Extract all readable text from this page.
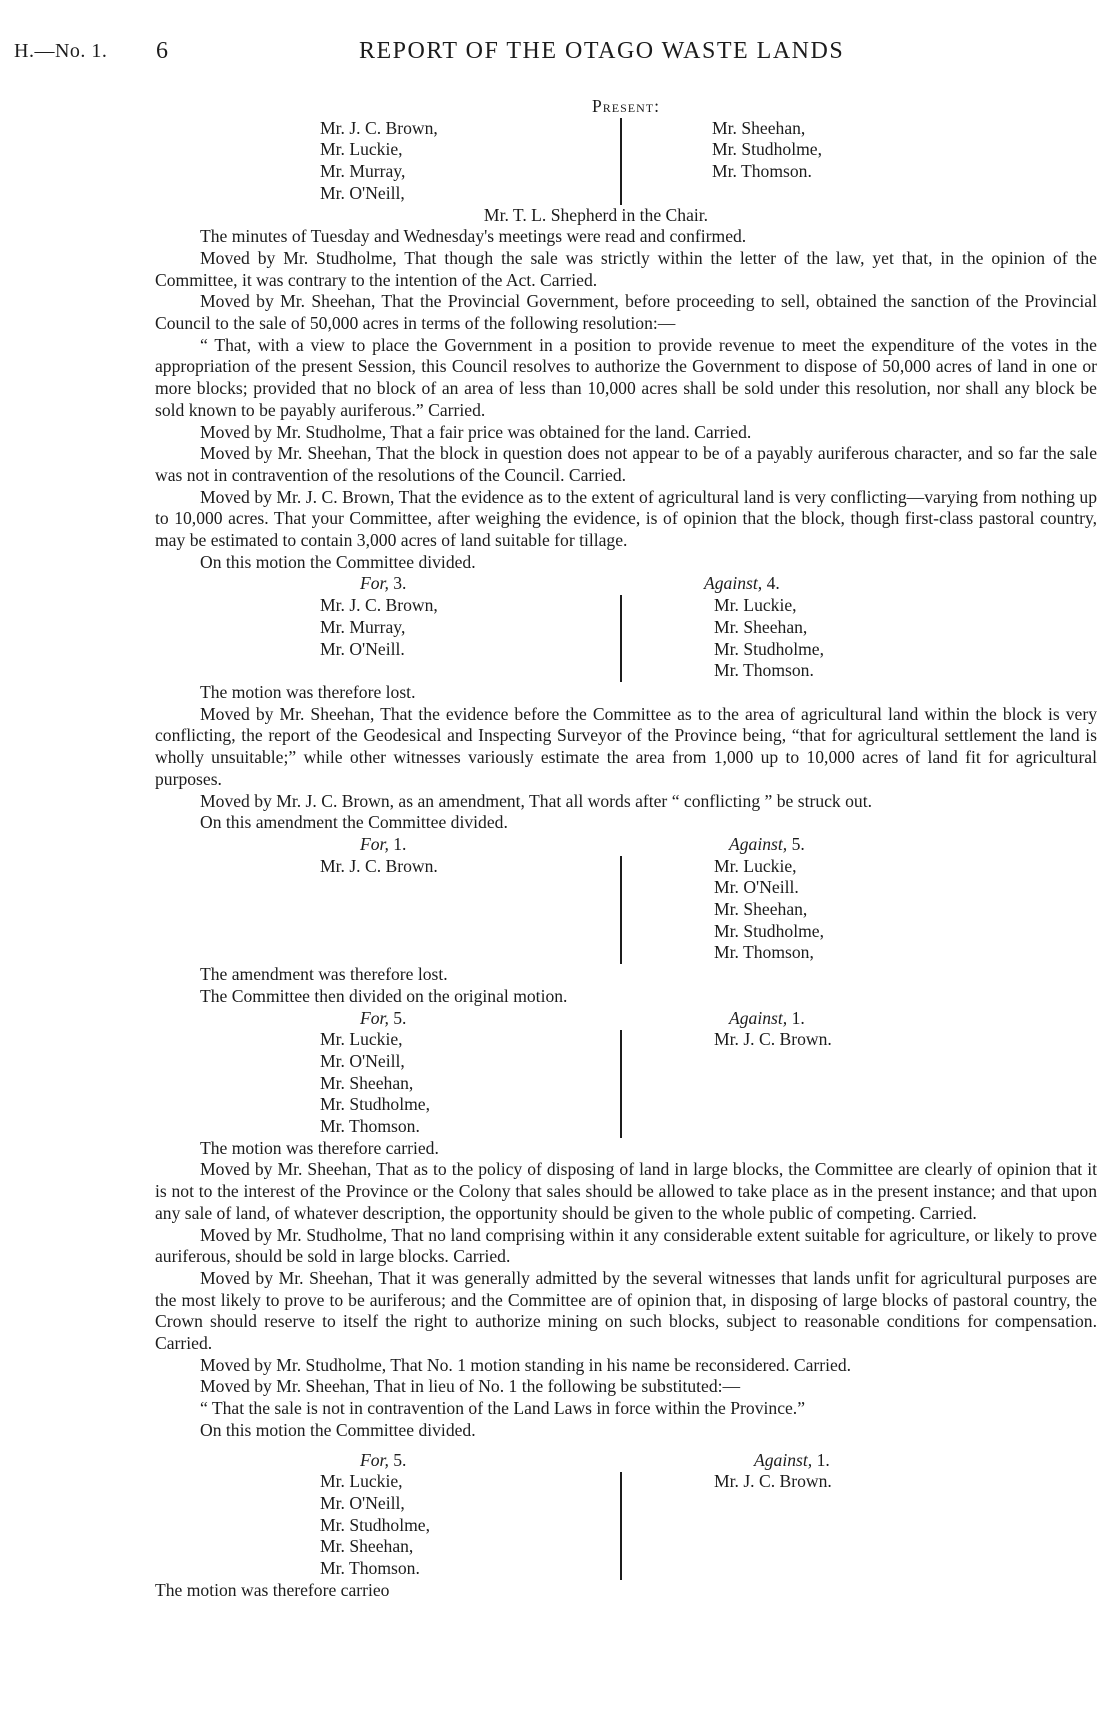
H.—No. 1. 6	REPORT OF THE OTAGO WASTE LANDS
Present:
Mr. J. C. Brown,
Mr. Luckie,
Mr. Murray,
Mr. O'Neill,
Mr. Sheehan,
Mr. Studholme,
Mr. Thomson.
Mr. T. L. Shepherd in the Chair.

The minutes of Tuesday and Wednesday's meetings were read and confirmed.

Moved by Mr. Studholme, That though the sale was strictly within the letter of the law, yet that, in the opinion of the Committee, it was contrary to the intention of the Act. Carried.

Moved by Mr. Sheehan, That the Provincial Government, before proceeding to sell, obtained the sanction of the Provincial Council to the sale of 50,000 acres in terms of the following resolution:—

“ That, with a view to place the Government in a position to provide revenue to meet the expenditure of the votes in the appropriation of the present Session, this Council resolves to authorize the Government to dispose of 50,000 acres of land in one or more blocks; provided that no block of an area of less than 10,000 acres shall be sold under this resolution, nor shall any block be sold known to be payably auriferous.” Carried.

Moved by Mr. Studholme, That a fair price was obtained for the land. Carried.

Moved by Mr. Sheehan, That the block in question does not appear to be of a payably auriferous character, and so far the sale was not in contravention of the resolutions of the Council. Carried.

Moved by Mr. J. C. Brown, That the evidence as to the extent of agricultural land is very conflicting—varying from nothing up to 10,000 acres. That your Committee, after weighing the evidence, is of opinion that the block, though first-class pastoral country, may be estimated to contain 3,000 acres of land suitable for tillage.

On this motion the Committee divided.

For, 3.
Mr. J. C. Brown,
Mr. Murray,
Mr. O'Neill.
Against, 4.
Mr. Luckie,
Mr. Sheehan,
Mr. Studholme,
Mr. Thomson.

The motion was therefore lost.

Moved by Mr. Sheehan, That the evidence before the Committee as to the area of agricultural land within the block is very conflicting, the report of the Geodesical and Inspecting Surveyor of the Province being, “that for agricultural settlement the land is wholly unsuitable;” while other witnesses variously estimate the area from 1,000 up to 10,000 acres of land fit for agricultural purposes.

Moved by Mr. J. C. Brown, as an amendment, That all words after “ conflicting ” be struck out.

On this amendment the Committee divided.

For, 1.
Mr. J. C. Brown.
Against, 5.
Mr. Luckie,
Mr. O'Neill.
Mr. Sheehan,
Mr. Studholme,
Mr. Thomson,

The amendment was therefore lost.

The Committee then divided on the original motion.

For, 5.
Mr. Luckie,
Mr. O'Neill,
Mr. Sheehan,
Mr. Studholme,
Mr. Thomson.
Against, 1.
Mr. J. C. Brown.

The motion was therefore carried.

Moved by Mr. Sheehan, That as to the policy of disposing of land in large blocks, the Committee are clearly of opinion that it is not to the interest of the Province or the Colony that sales should be allowed to take place as in the present instance; and that upon any sale of land, of whatever description, the opportunity should be given to the whole public of competing. Carried.

Moved by Mr. Studholme, That no land comprising within it any considerable extent suitable for agriculture, or likely to prove auriferous, should be sold in large blocks. Carried.

Moved by Mr. Sheehan, That it was generally admitted by the several witnesses that lands unfit for agricultural purposes are the most likely to prove to be auriferous; and the Committee are of opinion that, in disposing of large blocks of pastoral country, the Crown should reserve to itself the right to authorize mining on such blocks, subject to reasonable conditions for compensation. Carried.

Moved by Mr. Studholme, That No. 1 motion standing in his name be reconsidered. Carried.

Moved by Mr. Sheehan, That in lieu of No. 1 the following be substituted:—

“ That the sale is not in contravention of the Land Laws in force within the Province.”

On this motion the Committee divided.

For, 5.
Mr. Luckie,
Mr. O'Neill,
Mr. Studholme,
Mr. Sheehan,
Mr. Thomson.
Against, 1.
Mr. J. C. Brown.

The motion was therefore carrieo
